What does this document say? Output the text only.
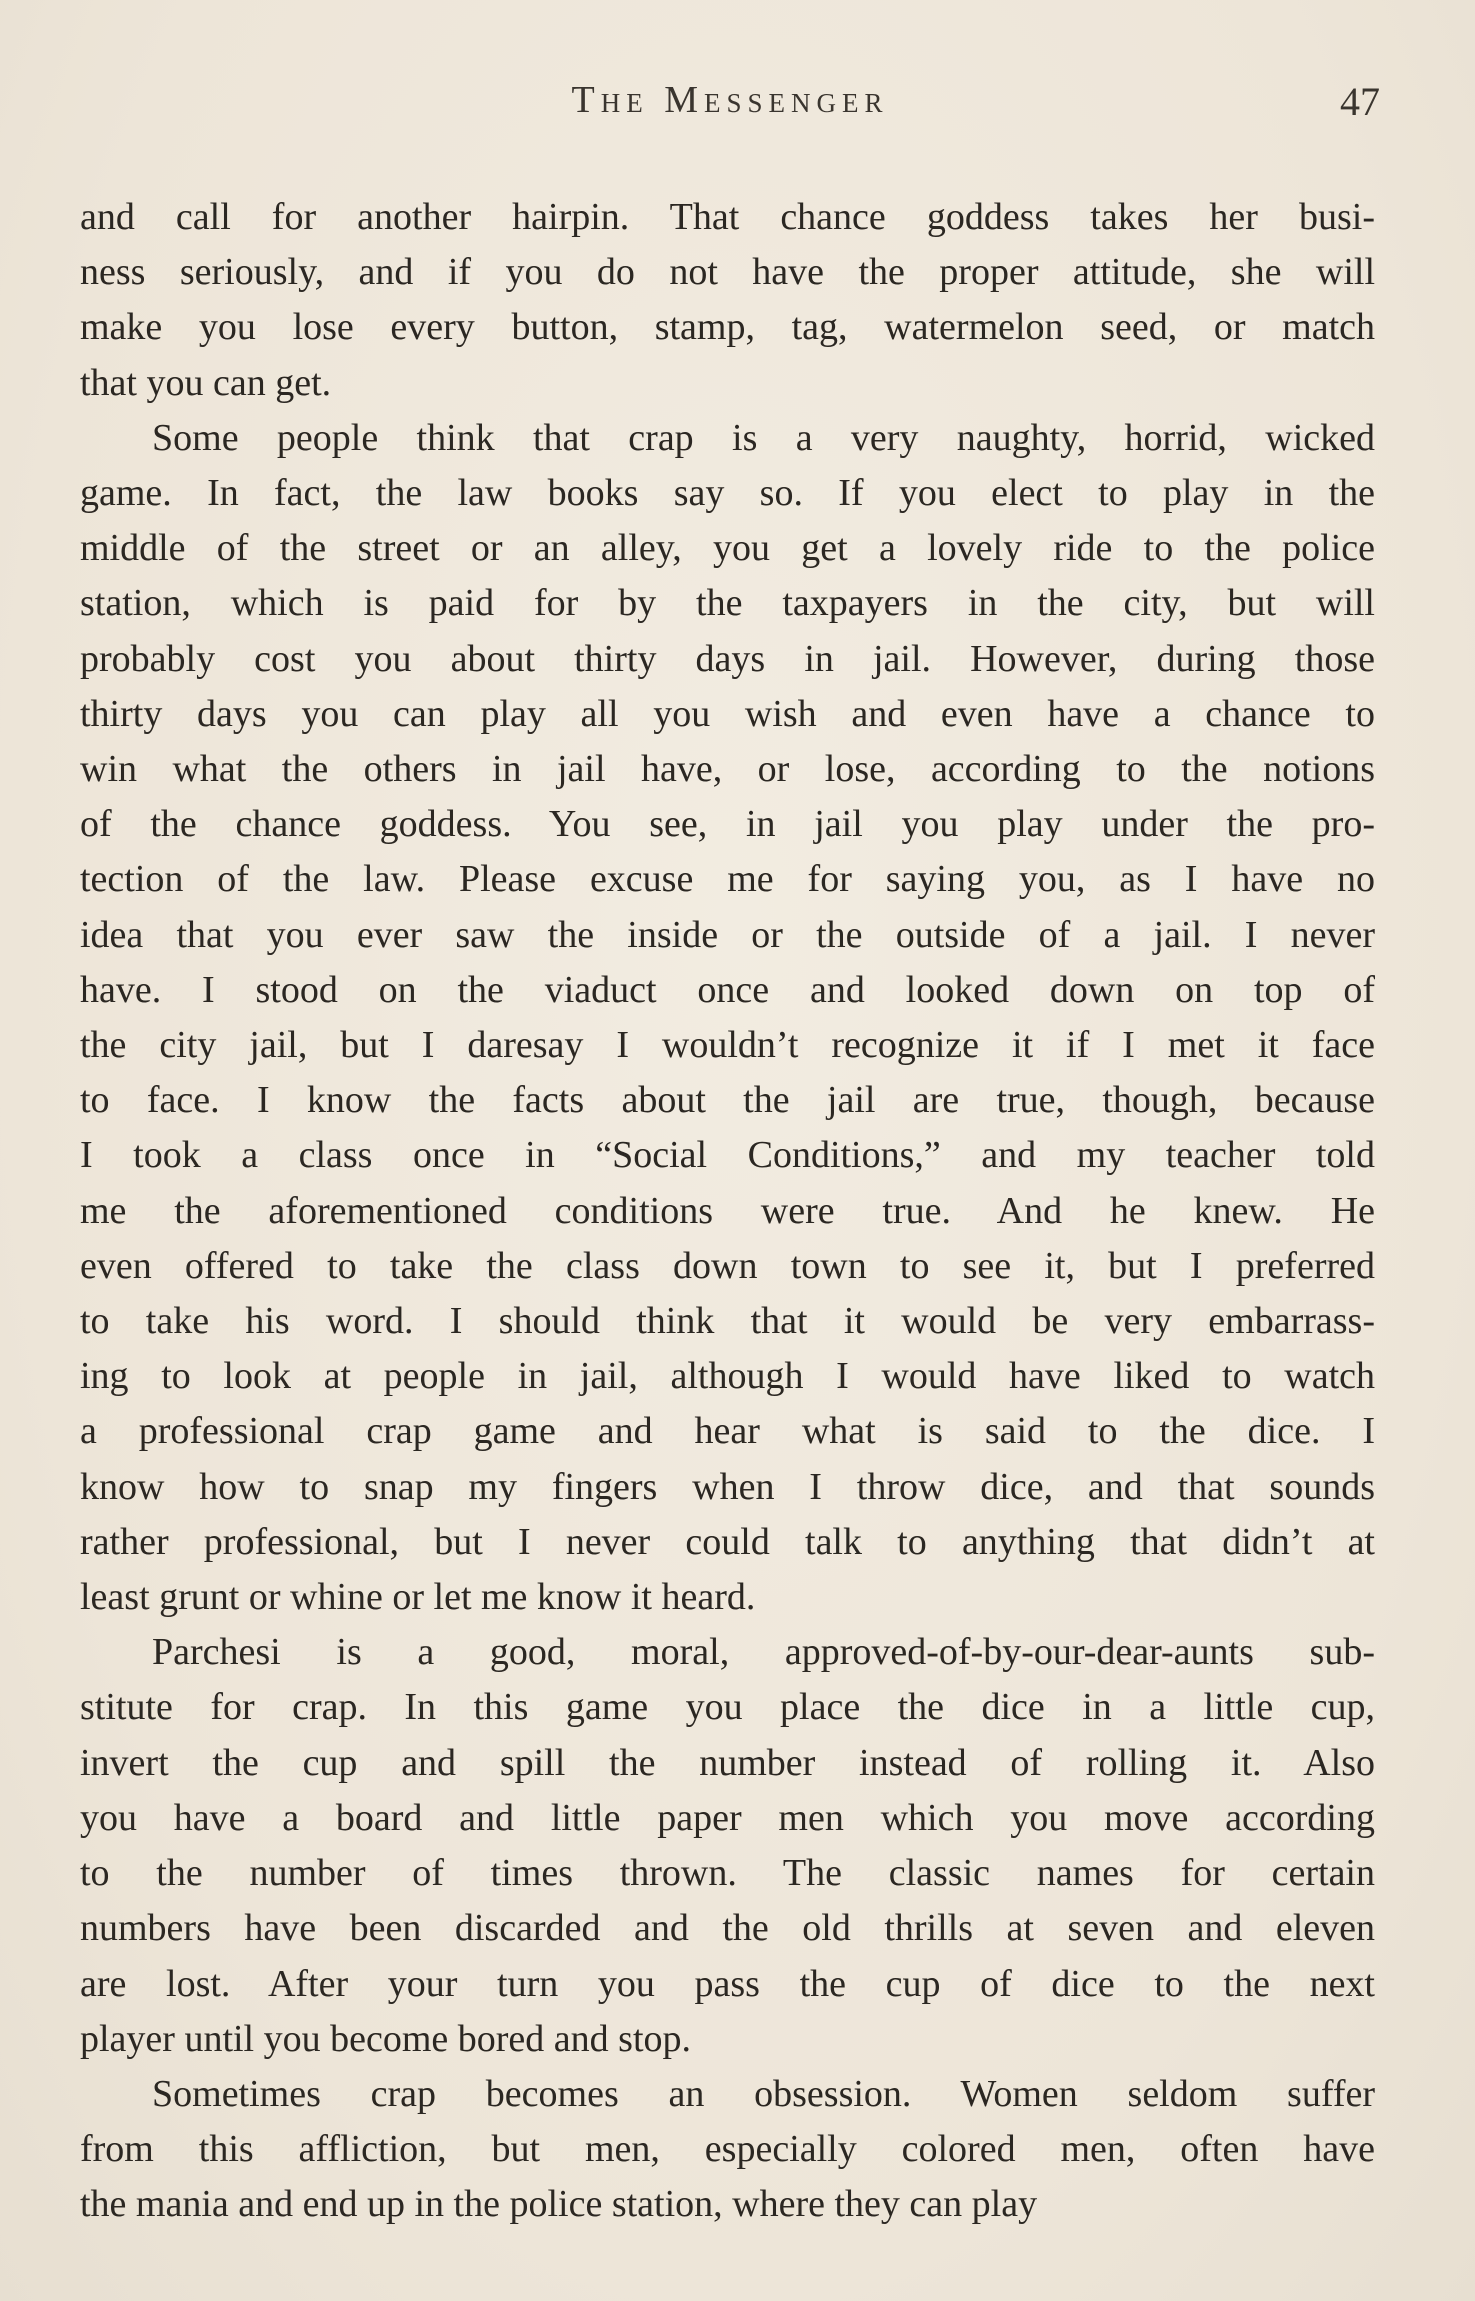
The Messenger	47
and call for another hairpin. That chance goddess takes her busi-
ness seriously, and if you do not have the proper attitude, she will
make you lose every button, stamp, tag, watermelon seed, or match
that you can get.
Some people think that crap is a very naughty, horrid, wicked
game. In fact, the law books say so. If you elect to play in the
middle of the street or an alley, you get a lovely ride to the police
station, which is paid for by the taxpayers in the city, but will
probably cost you about thirty days in jail. However, during those
thirty days you can play all you wish and even have a chance to
win what the others in jail have, or lose, according to the notions
of the chance goddess. You see, in jail you play under the pro-
tection of the law. Please excuse me for saying you, as I have no
idea that you ever saw the inside or the outside of a jail. I never
have. I stood on the viaduct once and looked down on top of
the city jail, but I daresay I wouldn’t recognize it if I met it face
to face. I know the facts about the jail are true, though, because
I took a class once in “Social Conditions,” and my teacher told
me the aforementioned conditions were true. And he knew. He
even offered to take the class down town to see it, but I preferred
to take his word. I should think that it would be very embarrass-
ing to look at people in jail, although I would have liked to watch
a professional crap game and hear what is said to the dice. I
know how to snap my fingers when I throw dice, and that sounds
rather professional, but I never could talk to anything that didn’t at
least grunt or whine or let me know it heard.
Parchesi is a good, moral, approved-of-by-our-dear-aunts sub-
stitute for crap. In this game you place the dice in a little cup,
invert the cup and spill the number instead of rolling it. Also
you have a board and little paper men which you move according
to the number of times thrown. The classic names for certain
numbers have been discarded and the old thrills at seven and eleven
are lost. After your turn you pass the cup of dice to the next
player until you become bored and stop.
Sometimes crap becomes an obsession. Women seldom suffer
from this affliction, but men, especially colored men, often have
the mania and end up in the police station, where they can play
